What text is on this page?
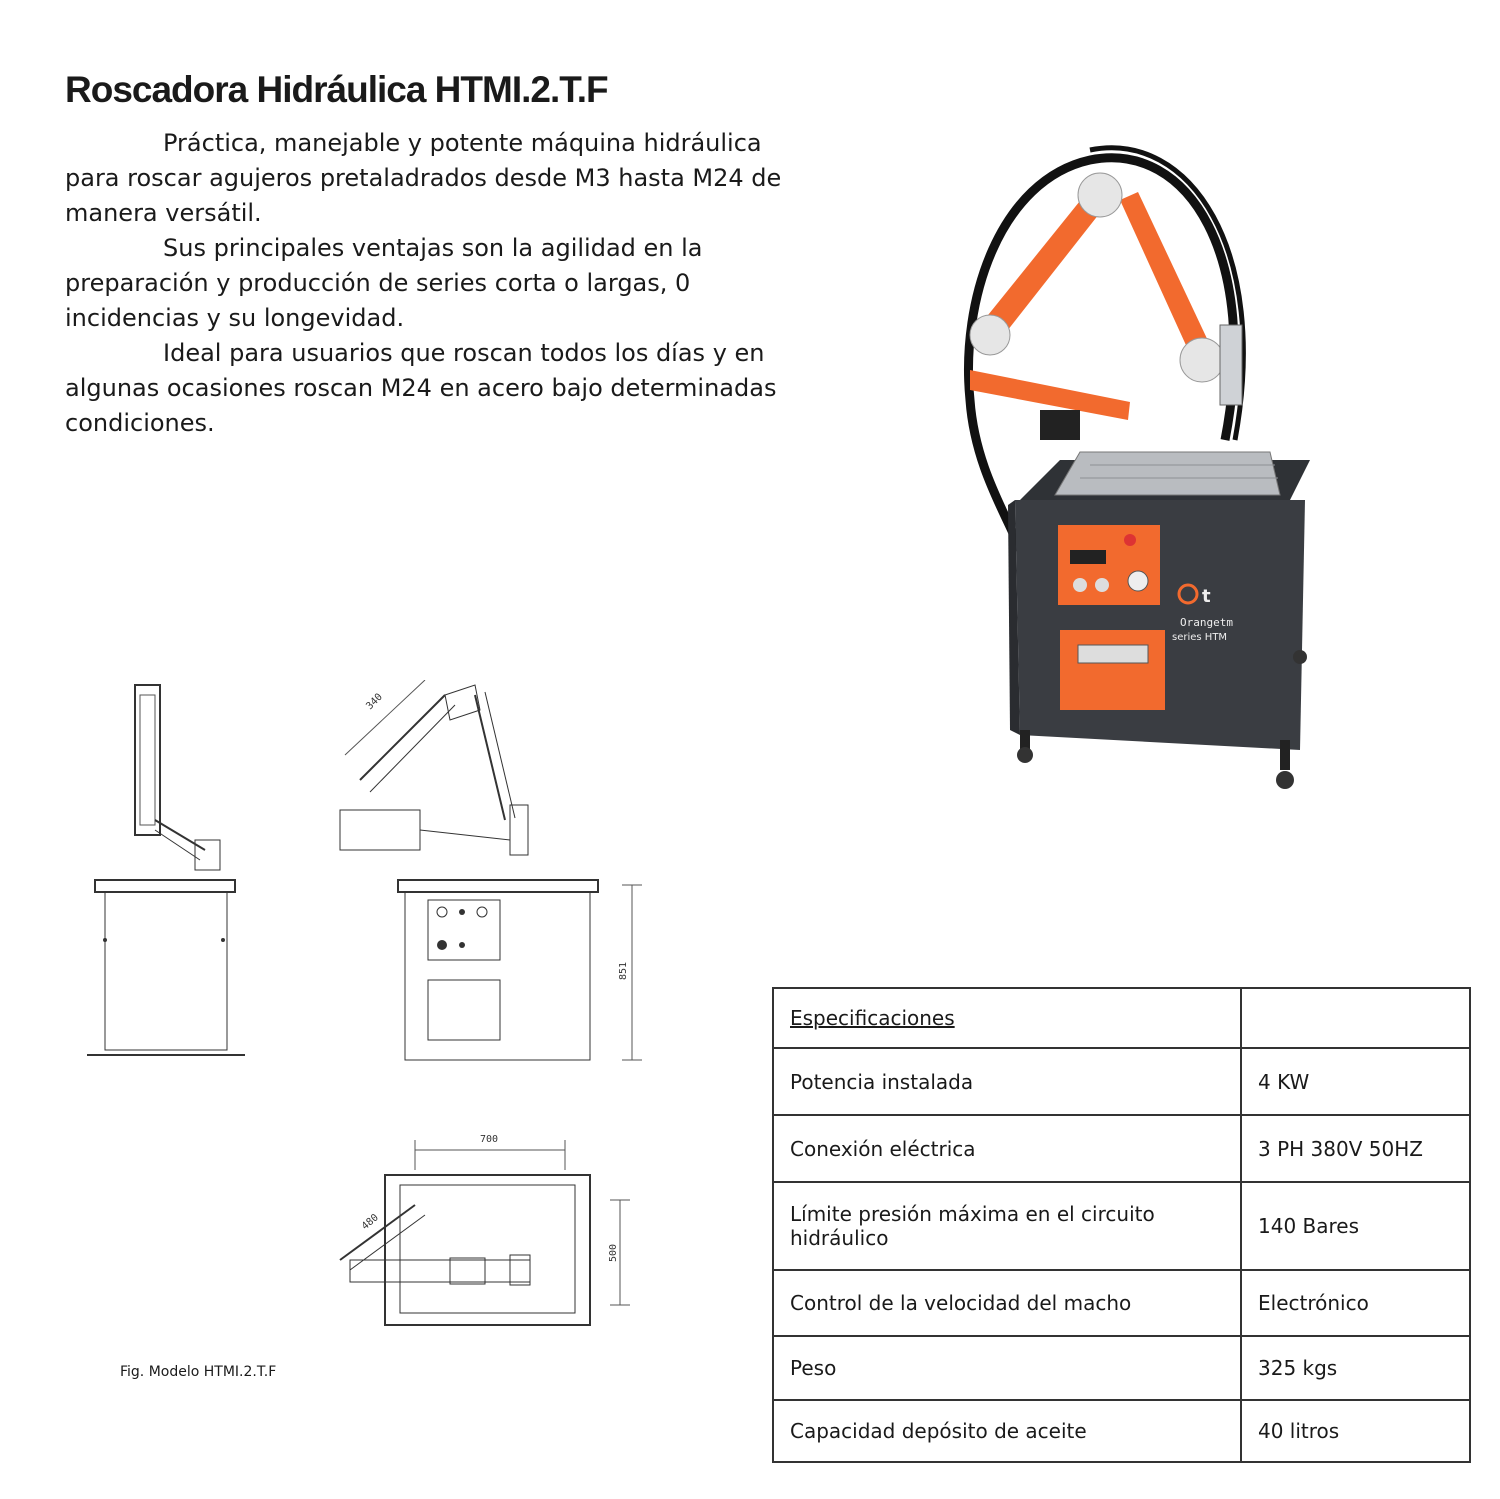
Roscadora Hidráulica HTMI.2.T.F

Práctica, manejable y potente máquina hidráulica para roscar agujeros pretaladrados desde M3 hasta M24 de manera versátil.

Sus principales ventajas son la agilidad en la preparación y producción de series corta o largas, 0 incidencias y su longevidad.

Ideal para usuarios que roscan todos los días y en algunas ocasiones roscan M24 en acero bajo determinadas condiciones.

t
Orangetm
series HTM
340
851
700
480
500
Fig. Modelo HTMI.2.T.F
Especificaciones	
Potencia instalada	4 KW
Conexión eléctrica	3 PH 380V 50HZ
Límite presión máxima en el circuito hidráulico	140 Bares
Control de la velocidad del macho	Electrónico
Peso	325 kgs
Capacidad depósito de aceite	40 litros
